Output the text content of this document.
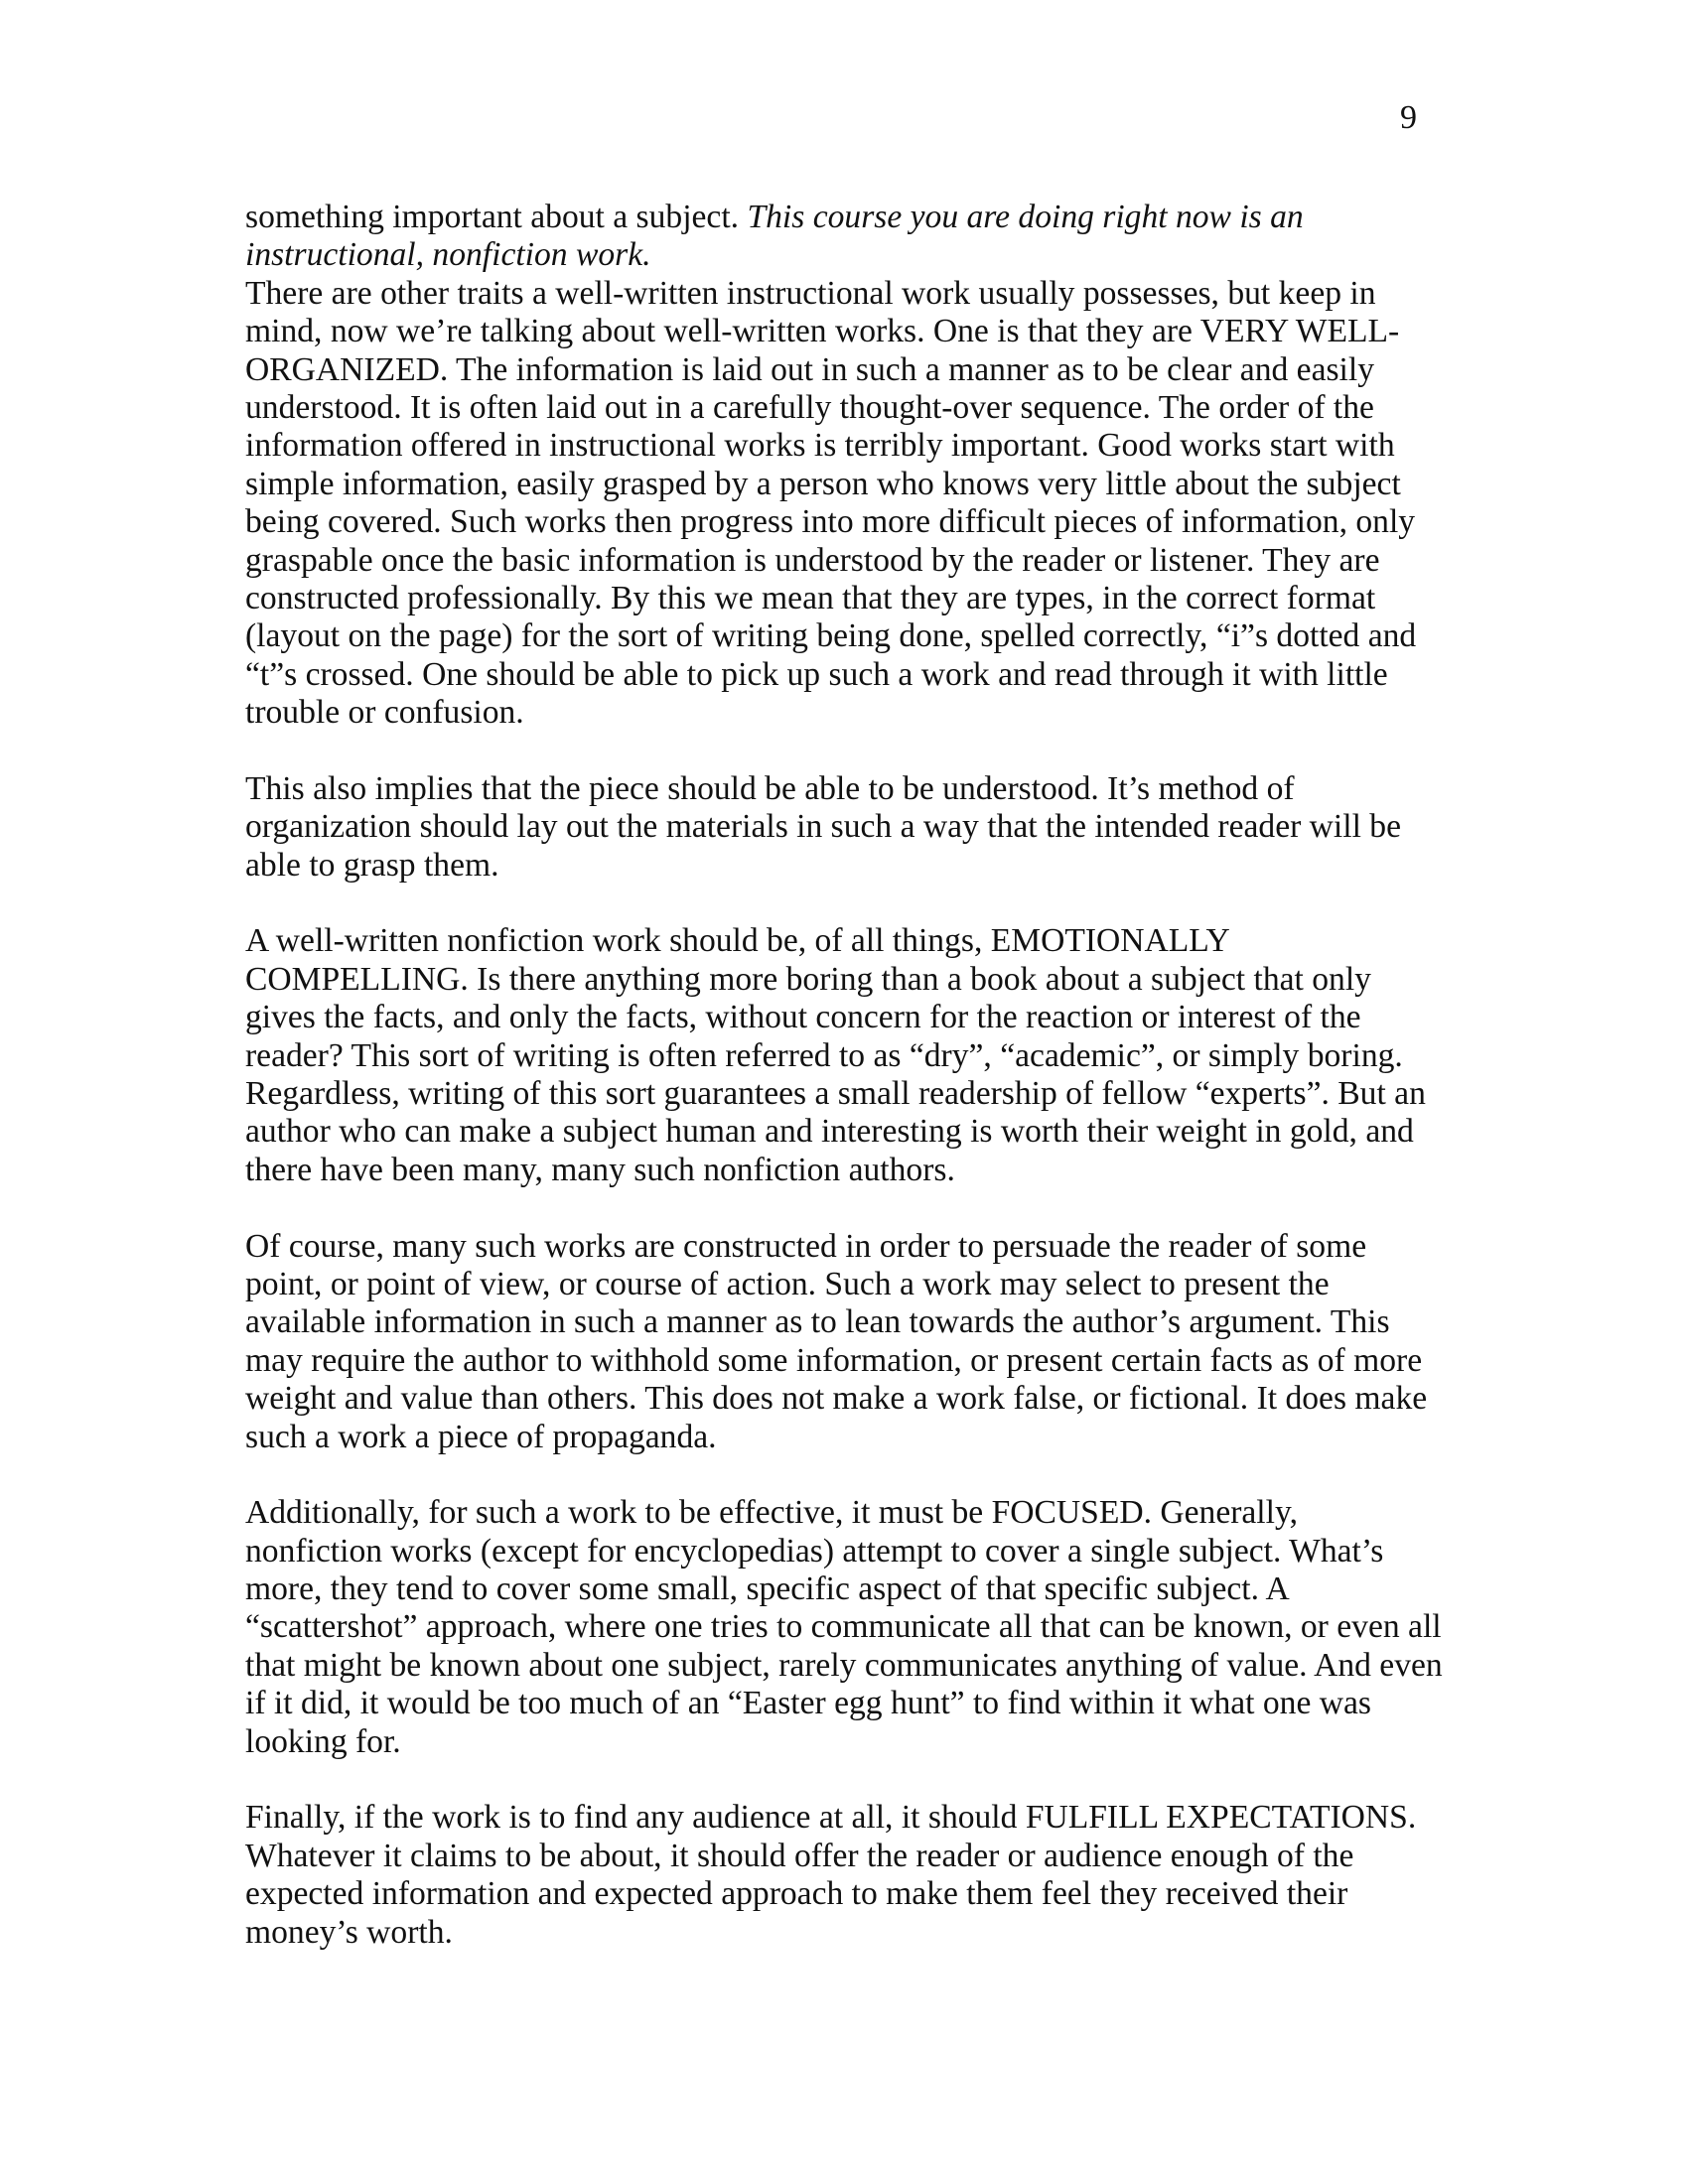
9
something important about a subject. This course you are doing right now is an
instructional, nonfiction work.
There are other traits a well-written instructional work usually possesses, but keep in
mind, now we’re talking about well-written works. One is that they are VERY WELL-
ORGANIZED. The information is laid out in such a manner as to be clear and easily
understood. It is often laid out in a carefully thought-over sequence. The order of the
information offered in instructional works is terribly important. Good works start with
simple information, easily grasped by a person who knows very little about the subject
being covered. Such works then progress into more difficult pieces of information, only
graspable once the basic information is understood by the reader or listener. They are
constructed professionally. By this we mean that they are types, in the correct format
(layout on the page) for the sort of writing being done, spelled correctly, “i”s dotted and
“t”s crossed. One should be able to pick up such a work and read through it with little
trouble or confusion.
This also implies that the piece should be able to be understood. It’s method of
organization should lay out the materials in such a way that the intended reader will be
able to grasp them.
A well-written nonfiction work should be, of all things, EMOTIONALLY
COMPELLING. Is there anything more boring than a book about a subject that only
gives the facts, and only the facts, without concern for the reaction or interest of the
reader? This sort of writing is often referred to as “dry”, “academic”, or simply boring.
Regardless, writing of this sort guarantees a small readership of fellow “experts”. But an
author who can make a subject human and interesting is worth their weight in gold, and
there have been many, many such nonfiction authors.
Of course, many such works are constructed in order to persuade the reader of some
point, or point of view, or course of action. Such a work may select to present the
available information in such a manner as to lean towards the author’s argument. This
may require the author to withhold some information, or present certain facts as of more
weight and value than others. This does not make a work false, or fictional. It does make
such a work a piece of propaganda.
Additionally, for such a work to be effective, it must be FOCUSED. Generally,
nonfiction works (except for encyclopedias) attempt to cover a single subject. What’s
more, they tend to cover some small, specific aspect of that specific subject. A
“scattershot” approach, where one tries to communicate all that can be known, or even all
that might be known about one subject, rarely communicates anything of value. And even
if it did, it would be too much of an “Easter egg hunt” to find within it what one was
looking for.
Finally, if the work is to find any audience at all, it should FULFILL EXPECTATIONS.
Whatever it claims to be about, it should offer the reader or audience enough of the
expected information and expected approach to make them feel they received their
money’s worth.
